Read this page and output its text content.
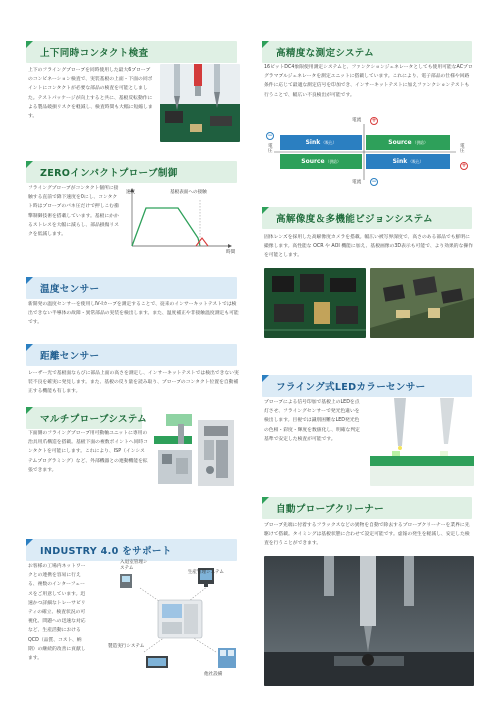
上下同時コンタクト検査
上下のフライングプローブを同時使用した最大6プローブのコンビネーション検査で、実装基板の上面・下面の同ポイントにコンタクトが必要な部品の検査を可能としました。テストパッケージが向上すると共に、基板反転動作による製品破損リスクを軽減し、検査時間も大幅に短縮します。
ZEROインパクトプローブ制御
フライングプローブがコンタクト個所に接触する直前で降下速度を0にし、コンタクト時はプローブのバネ圧だけで押しこむ衝撃制御技術を搭載しています。基板にかかるストレスを大幅に減らし、部品損傷リスクを低減します。
速度	基板表面への接触
時間
温度センサー
新開発の温度センサーを使用しⅣ-Iカーブを測定することで、従来のインサーキットテストでは検出できない半導体の故障・異常部品の実装を検出します。また、温度補正や非接触温度測定も可能です。
距離センサー
レーザー光で基板面ならびに部品上面の高さを測定し、インサーキットテストでは検出できない実装不良を確実に発見します。また、基板の反り量を読み取り、プローブのコンタクト位置を自動補正する機能も有します。
マルチプローブシステム
下面側のフライングプローブ用可動軸ユニットに専用の治具用爪構造を搭載。基板下面の複数ポイントへ同時コンタクトを可能にします。これにより、ISP（インシステムプログラミング）など、外部機器との連動機能を拡張できます。
INDUSTRY 4.0 をサポート
お客様の工場内ネットワークとの連携を容易に行える、複数のインターフェースをご用意しています。迅速かつ詳細なトレーサビリティの確立、検査状況の可視化、問題への迅速な対応など、生産活動におけるQCD（品質、コスト、納期）の継続的改善に貢献します。
入退室管理システム
生産管理システム
製造実行システム
他社設備
高精度な測定システム
16ビットDC4象限使用測定システムと、ファンクションジェネレータとしても使用可能なACプログラマブルジェネレータを測定ユニットに搭載しています。これにより、電子部品の仕様や回路条件に応じて最適な測定信号を印加でき、インサーキットテストに加えファンクションテストも行うことで、幅広い不良検出が可能です。
電流 +
電流 −
−
電圧
+
電圧
Sink （吸込）	Source （供給）
Source （供給）	Sink （吸込）
高解像度＆多機能ビジョンシステム
固体レンズを採用した高解像度カメラを搭載。幅広い被写界深度で、高さのある部品でも鮮明に撮像します。高性能な OCR や AOI 機能に加え、基板画像の3D表示も可能で、より効果的な操作を可能とします。
フライング式LEDカラーセンサー
プローブによる信号印加で基板上のLEDを点灯させ、フライングセンサーで発光色違いを検出します。目視では識別困難なLED発光色の色相・彩度・輝度を数値化し、明確な判定基準で安定した検査が可能です。
自動プローブクリーナー
プローブ先端に付着するフラックスなどの異物を自動で除去するプローブクリーナーを業界に先駆けて搭載。タイミングは基板状態に合わせて設定可能です。虚報の発生を軽減し、安定した検査を行うことができます。
